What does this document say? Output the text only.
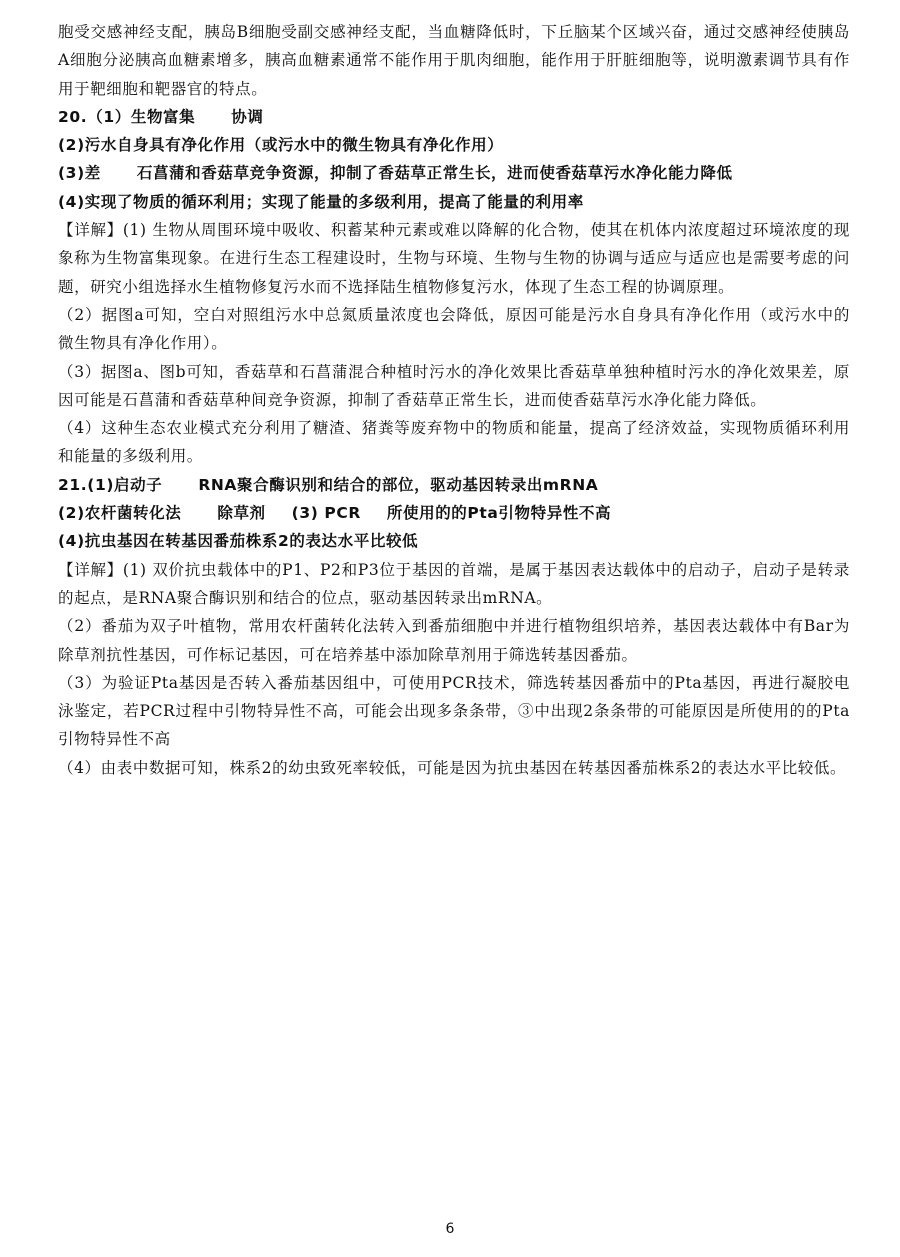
胞受交感神经支配，胰岛B细胞受副交感神经支配，当血糖降低时，下丘脑某个区域兴奋，通过交感神经使胰岛A细胞分泌胰高血糖素增多，胰高血糖素通常不能作用于肌肉细胞，能作用于肝脏细胞等，说明激素调节具有作用于靶细胞和靶器官的特点。

20.（1）生物富集 协调
(2)污水自身具有净化作用（或污水中的微生物具有净化作用）
(3)差 石菖蒲和香菇草竞争资源，抑制了香菇草正常生长，进而使香菇草污水净化能力降低
(4)实现了物质的循环利用；实现了能量的多级利用，提高了能量的利用率

【详解】(1) 生物从周围环境中吸收、积蓄某种元素或难以降解的化合物，使其在机体内浓度超过环境浓度的现象称为生物富集现象。在进行生态工程建设时，生物与环境、生物与生物的协调与适应与适应也是需要考虑的问题，研究小组选择水生植物修复污水而不选择陆生植物修复污水，体现了生态工程的协调原理。

（2）据图a可知，空白对照组污水中总氮质量浓度也会降低，原因可能是污水自身具有净化作用（或污水中的微生物具有净化作用）。

（3）据图a、图b可知，香菇草和石菖蒲混合种植时污水的净化效果比香菇草单独种植时污水的净化效果差，原因可能是石菖蒲和香菇草种间竞争资源，抑制了香菇草正常生长，进而使香菇草污水净化能力降低。

（4）这种生态农业模式充分利用了糖渣、猪粪等废弃物中的物质和能量，提高了经济效益，实现物质循环利用和能量的多级利用。

21.(1)启动子 RNA聚合酶识别和结合的部位，驱动基因转录出mRNA
(2)农杆菌转化法 除草剂 (3) PCR 所使用的的Pta引物特异性不高
(4)抗虫基因在转基因番茄株系2的表达水平比较低

【详解】(1) 双价抗虫载体中的P1、P2和P3位于基因的首端，是属于基因表达载体中的启动子，启动子是转录的起点，是RNA聚合酶识别和结合的位点，驱动基因转录出mRNA。

（2）番茄为双子叶植物，常用农杆菌转化法转入到番茄细胞中并进行植物组织培养，基因表达载体中有Bar为除草剂抗性基因，可作标记基因，可在培养基中添加除草剂用于筛选转基因番茄。

（3）为验证Pta基因是否转入番茄基因组中，可使用PCR技术，筛选转基因番茄中的Pta基因，再进行凝胶电泳鉴定，若PCR过程中引物特异性不高，可能会出现多条条带，③中出现2条条带的可能原因是所使用的的Pta引物特异性不高

（4）由表中数据可知，株系2的幼虫致死率较低，可能是因为抗虫基因在转基因番茄株系2的表达水平比较低。

6
